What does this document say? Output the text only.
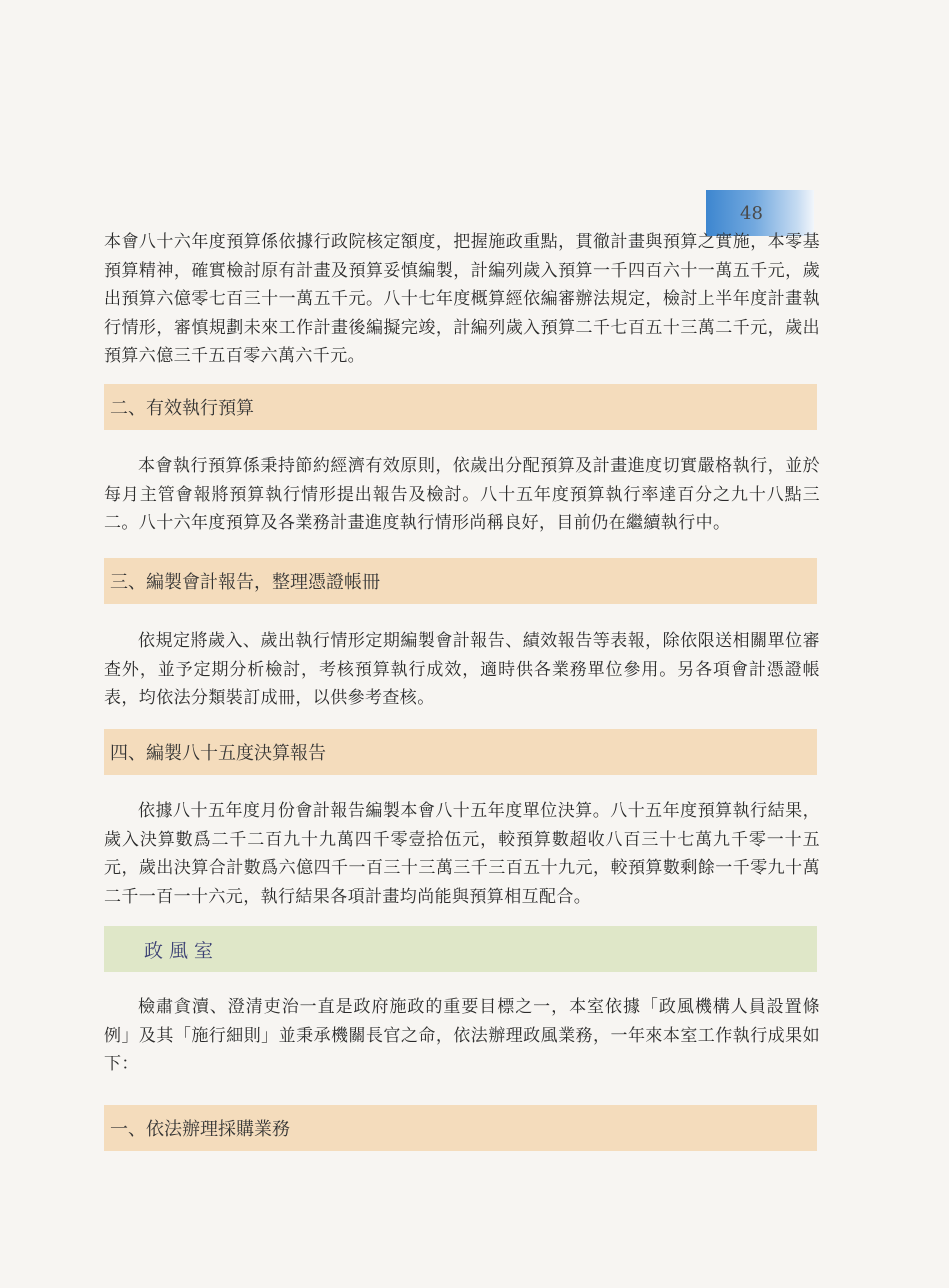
48

本會八十六年度預算係依據行政院核定額度，把握施政重點，貫徹計畫與預算之實施，本零基預算精神，確實檢討原有計畫及預算妥慎編製，計編列歲入預算一千四百六十一萬五千元，歲出預算六億零七百三十一萬五千元。八十七年度概算經依編審辦法規定，檢討上半年度計畫執行情形，審慎規劃未來工作計畫後編擬完竣，計編列歲入預算二千七百五十三萬二千元，歲出預算六億三千五百零六萬六千元。

二、有效執行預算

本會執行預算係秉持節約經濟有效原則，依歲出分配預算及計畫進度切實嚴格執行，並於每月主管會報將預算執行情形提出報告及檢討。八十五年度預算執行率達百分之九十八點三二。八十六年度預算及各業務計畫進度執行情形尚稱良好，目前仍在繼續執行中。

三、編製會計報告，整理憑證帳冊

依規定將歲入、歲出執行情形定期編製會計報告、績效報告等表報，除依限送相關單位審查外，並予定期分析檢討，考核預算執行成效，適時供各業務單位參用。另各項會計憑證帳表，均依法分類裝訂成冊，以供參考查核。

四、編製八十五度決算報告

依據八十五年度月份會計報告編製本會八十五年度單位決算。八十五年度預算執行結果，歲入決算數爲二千二百九十九萬四千零壹拾伍元，較預算數超收八百三十七萬九千零一十五元，歲出決算合計數爲六億四千一百三十三萬三千三百五十九元，較預算數剩餘一千零九十萬二千一百一十六元，執行結果各項計畫均尚能與預算相互配合。

政風室

檢肅貪瀆、澄清吏治一直是政府施政的重要目標之一，本室依據「政風機構人員設置條例」及其「施行細則」並秉承機關長官之命，依法辦理政風業務，一年來本室工作執行成果如下：

一、依法辦理採購業務
